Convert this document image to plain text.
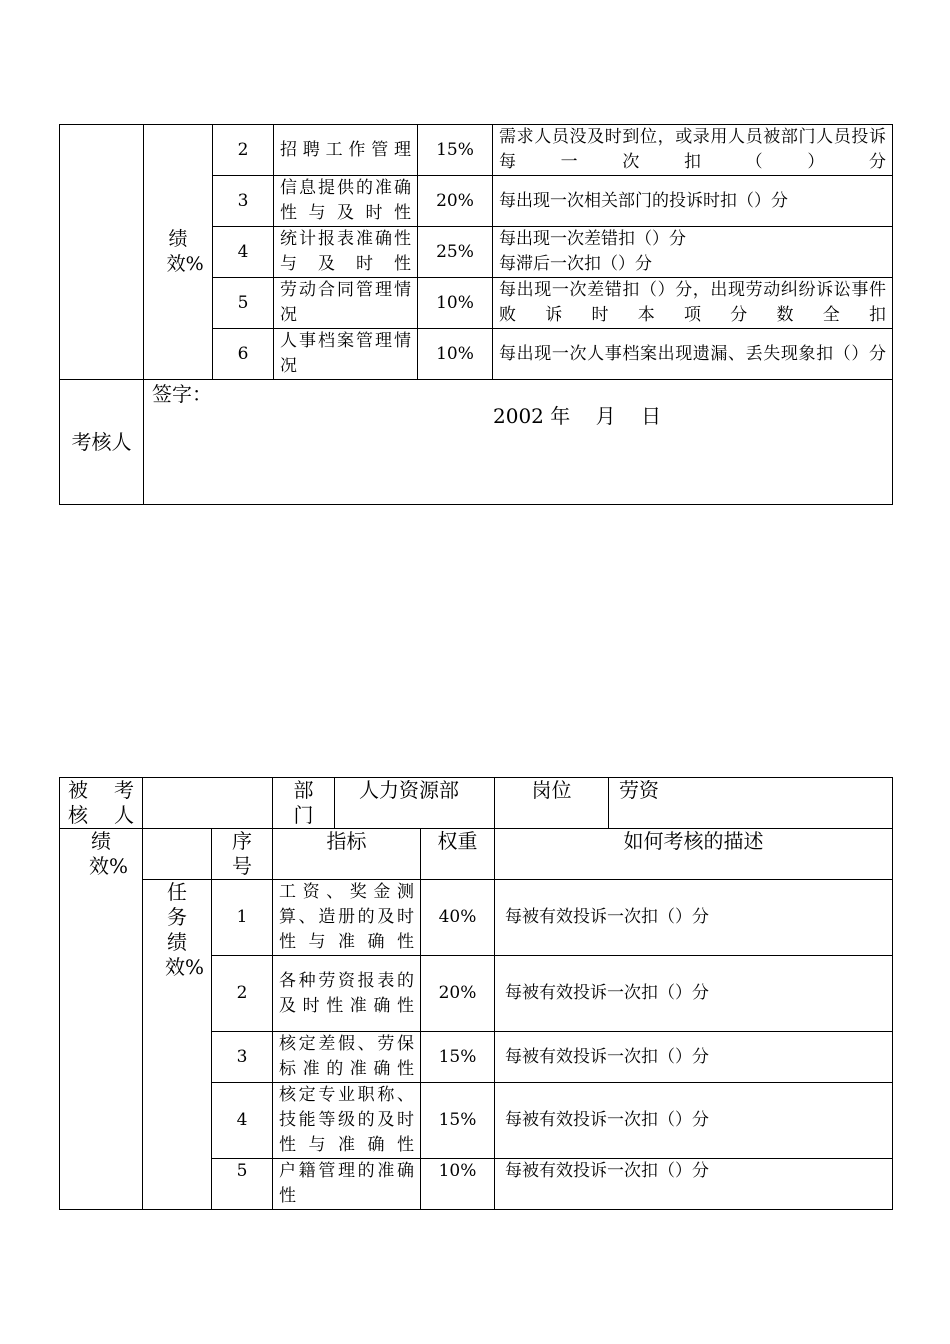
	绩效%	2	招聘工作管理	15%	需求人员没及时到位，或录用人员被部门人员投诉每一次扣（）分
		3	信息提供的准确性与及时性	20%	每出现一次相关部门的投诉时扣（）分
		4	统计报表准确性与及时性	25%	每出现一次差错扣（）分
每滞后一次扣（）分

		5	劳动合同管理情况	10%	每出现一次差错扣（）分，出现劳动纠纷诉讼事件败诉时本项分数全扣
		6	人事档案管理情况	10%	每出现一次人事档案出现遗漏、丢失现象扣（）分
考核人	签字：				
2002 年    月    日
被 考核人			部门	人力资源部		岗位	劳资

绩效%		序号	指标		权重	如何考核的描述	

	任务绩效%	1	工资、奖金测算、造册的及时性与准确性		40%	每被有效投诉一次扣（）分	
		2	各种劳资报表的及时性准确性		20%	每被有效投诉一次扣（）分	
		3	核定差假、劳保标准的准确性		15%	每被有效投诉一次扣（）分	
		4	核定专业职称、技能等级的及时性与准确性		15%	每被有效投诉一次扣（）分	
		5	户籍管理的准确性		10%	每被有效投诉一次扣（）分	
